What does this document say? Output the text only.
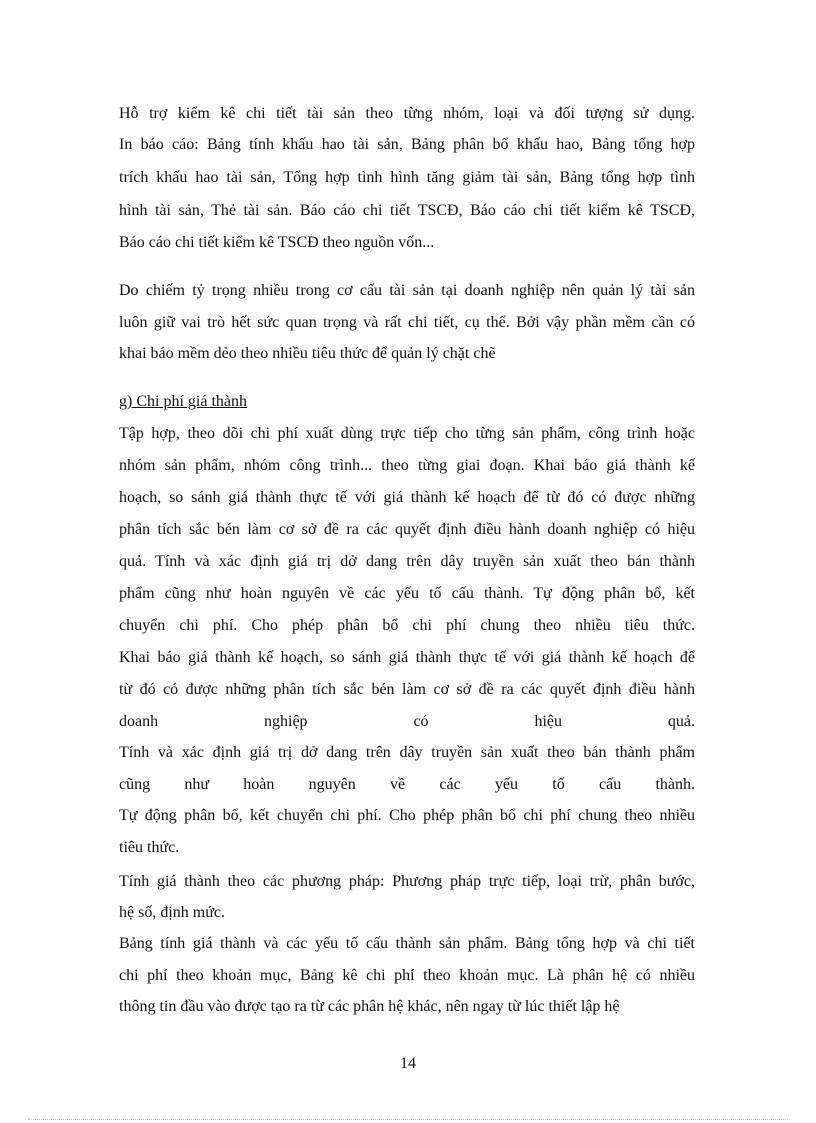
Hỗ trợ kiểm kê chi tiết tài sản theo từng nhóm, loại và đối tượng sử dụng.
In báo cáo: Bảng tính khấu hao tài sản, Bảng phân bổ khấu hao, Bảng tổng hợp
trích khấu hao tài sản, Tổng hợp tình hình tăng giảm tài sản, Bảng tổng hợp tình
hình tài sản, Thẻ tài sản. Báo cáo chi tiết TSCĐ, Báo cáo chi tiết kiểm kê TSCĐ,
Báo cáo chi tiết kiểm kê TSCĐ theo nguồn vốn...
Do chiếm tỷ trọng nhiều trong cơ cấu tài sản tại doanh nghiệp nên quản lý tài sản
luôn giữ vai trò hết sức quan trọng và rất chi tiết, cụ thể. Bởi vậy phần mềm cần có
khai báo mềm dẻo theo nhiều tiêu thức để quản lý chặt chẽ
g) Chi phí giá thành
Tập hợp, theo dõi chi phí xuất dùng trực tiếp cho từng sản phẩm, công trình hoặc
nhóm sản phẩm, nhóm công trình... theo từng giai đoạn. Khai báo giá thành kế
hoạch, so sánh giá thành thực tế với giá thành kế hoạch để từ đó có được những
phân tích sắc bén làm cơ sở đề ra các quyết định điều hành doanh nghiệp có hiệu
quả. Tính và xác định giá trị dở dang trên dây truyền sản xuất theo bán thành
phẩm cũng như hoàn nguyên về các yếu tố cấu thành. Tự động phân bổ, kết
chuyển chi phí. Cho phép phân bổ chi phí chung theo nhiều tiêu thức.
Khai báo giá thành kế hoạch, so sánh giá thành thực tế với giá thành kế hoạch để
từ đó có được những phân tích sắc bén làm cơ sở đề ra các quyết định điều hành
doanh nghiệp có hiệu quả.
Tính và xác định giá trị dở dang trên dây truyền sản xuất theo bán thành phẩm
cũng như hoàn nguyên về các yếu tố cấu thành.
Tự động phân bổ, kết chuyển chi phí. Cho phép phân bổ chi phí chung theo nhiều
tiêu thức.
Tính giá thành theo các phương pháp: Phương pháp trực tiếp, loại trừ, phân bước,
hệ số, định mức.
Bảng tính giá thành và các yếu tố cấu thành sản phẩm. Bảng tổng hợp và chi tiết
chi phí theo khoản mục, Bảng kê chi phí theo khoản mục. Là phân hệ có nhiều
thông tin đầu vào được tạo ra từ các phân hệ khác, nên ngay từ lúc thiết lập hệ
14
